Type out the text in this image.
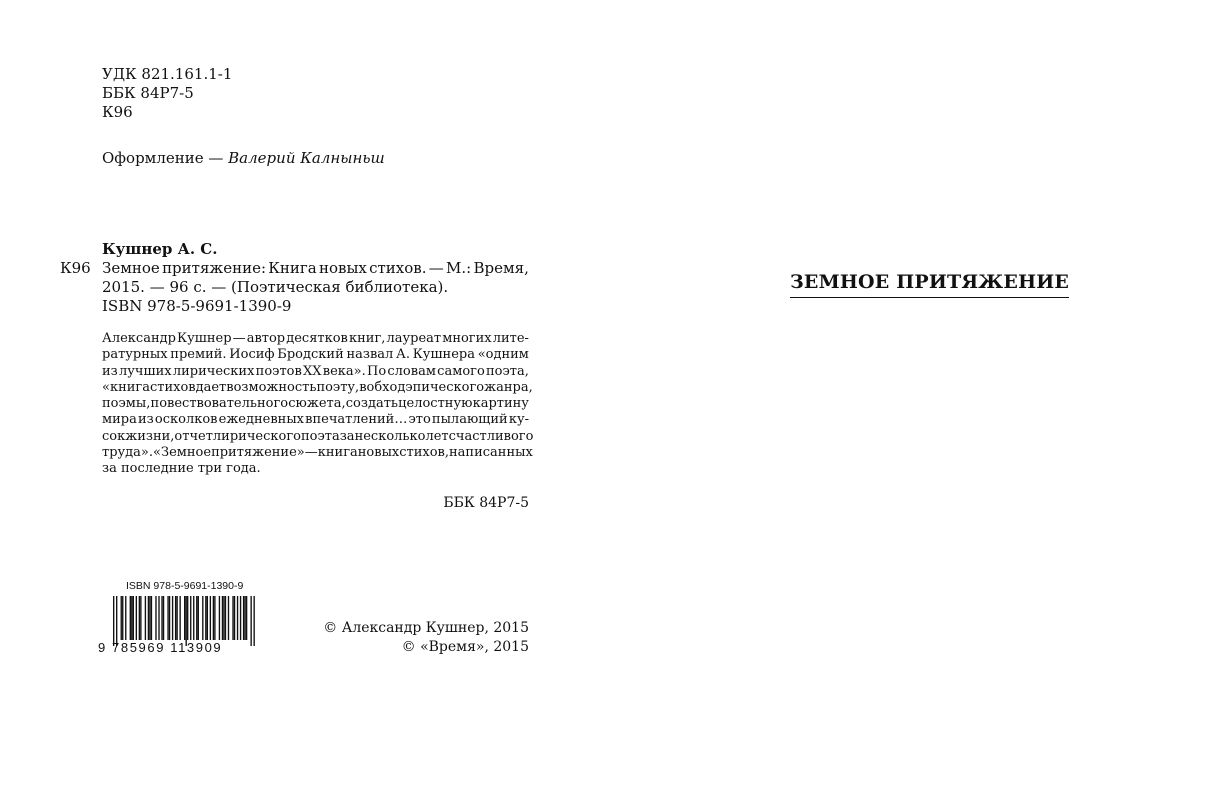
УДК 821.161.1-1
ББК 84Р7-5
К96
Оформление — Валерий Калныньш
К96
Кушнер А. С.
Земное притяжение: Книга новых стихов. — М.: Время,
2015. — 96 с. — (Поэтическая библиотека).
ISBN 978-5-9691-1390-9
Александр Кушнер — автор десятков книг, лауреат многих лите-
ратурных премий. Иосиф Бродский назвал А. Кушнера «одним
из лучших лирических поэтов XX века». По словам самого поэта,
«книга стихов дает возможность поэту, в обход эпического жанра,
поэмы, повествовательного сюжета, создать целостную картину
мира из осколков ежедневных впечатлений… это пылающий ку-
сок жизни, отчет лирического поэта за несколько лет счастливого
труда». «Земное притяжение» — книга новых стихов, написанных
за последние три года.
ББК 84Р7-5
ISBN 978-5-9691-1390-9
9 785969 113909
© Александр Кушнер, 2015
© «Время», 2015
ЗЕМНОЕ ПРИТЯЖЕНИЕ
